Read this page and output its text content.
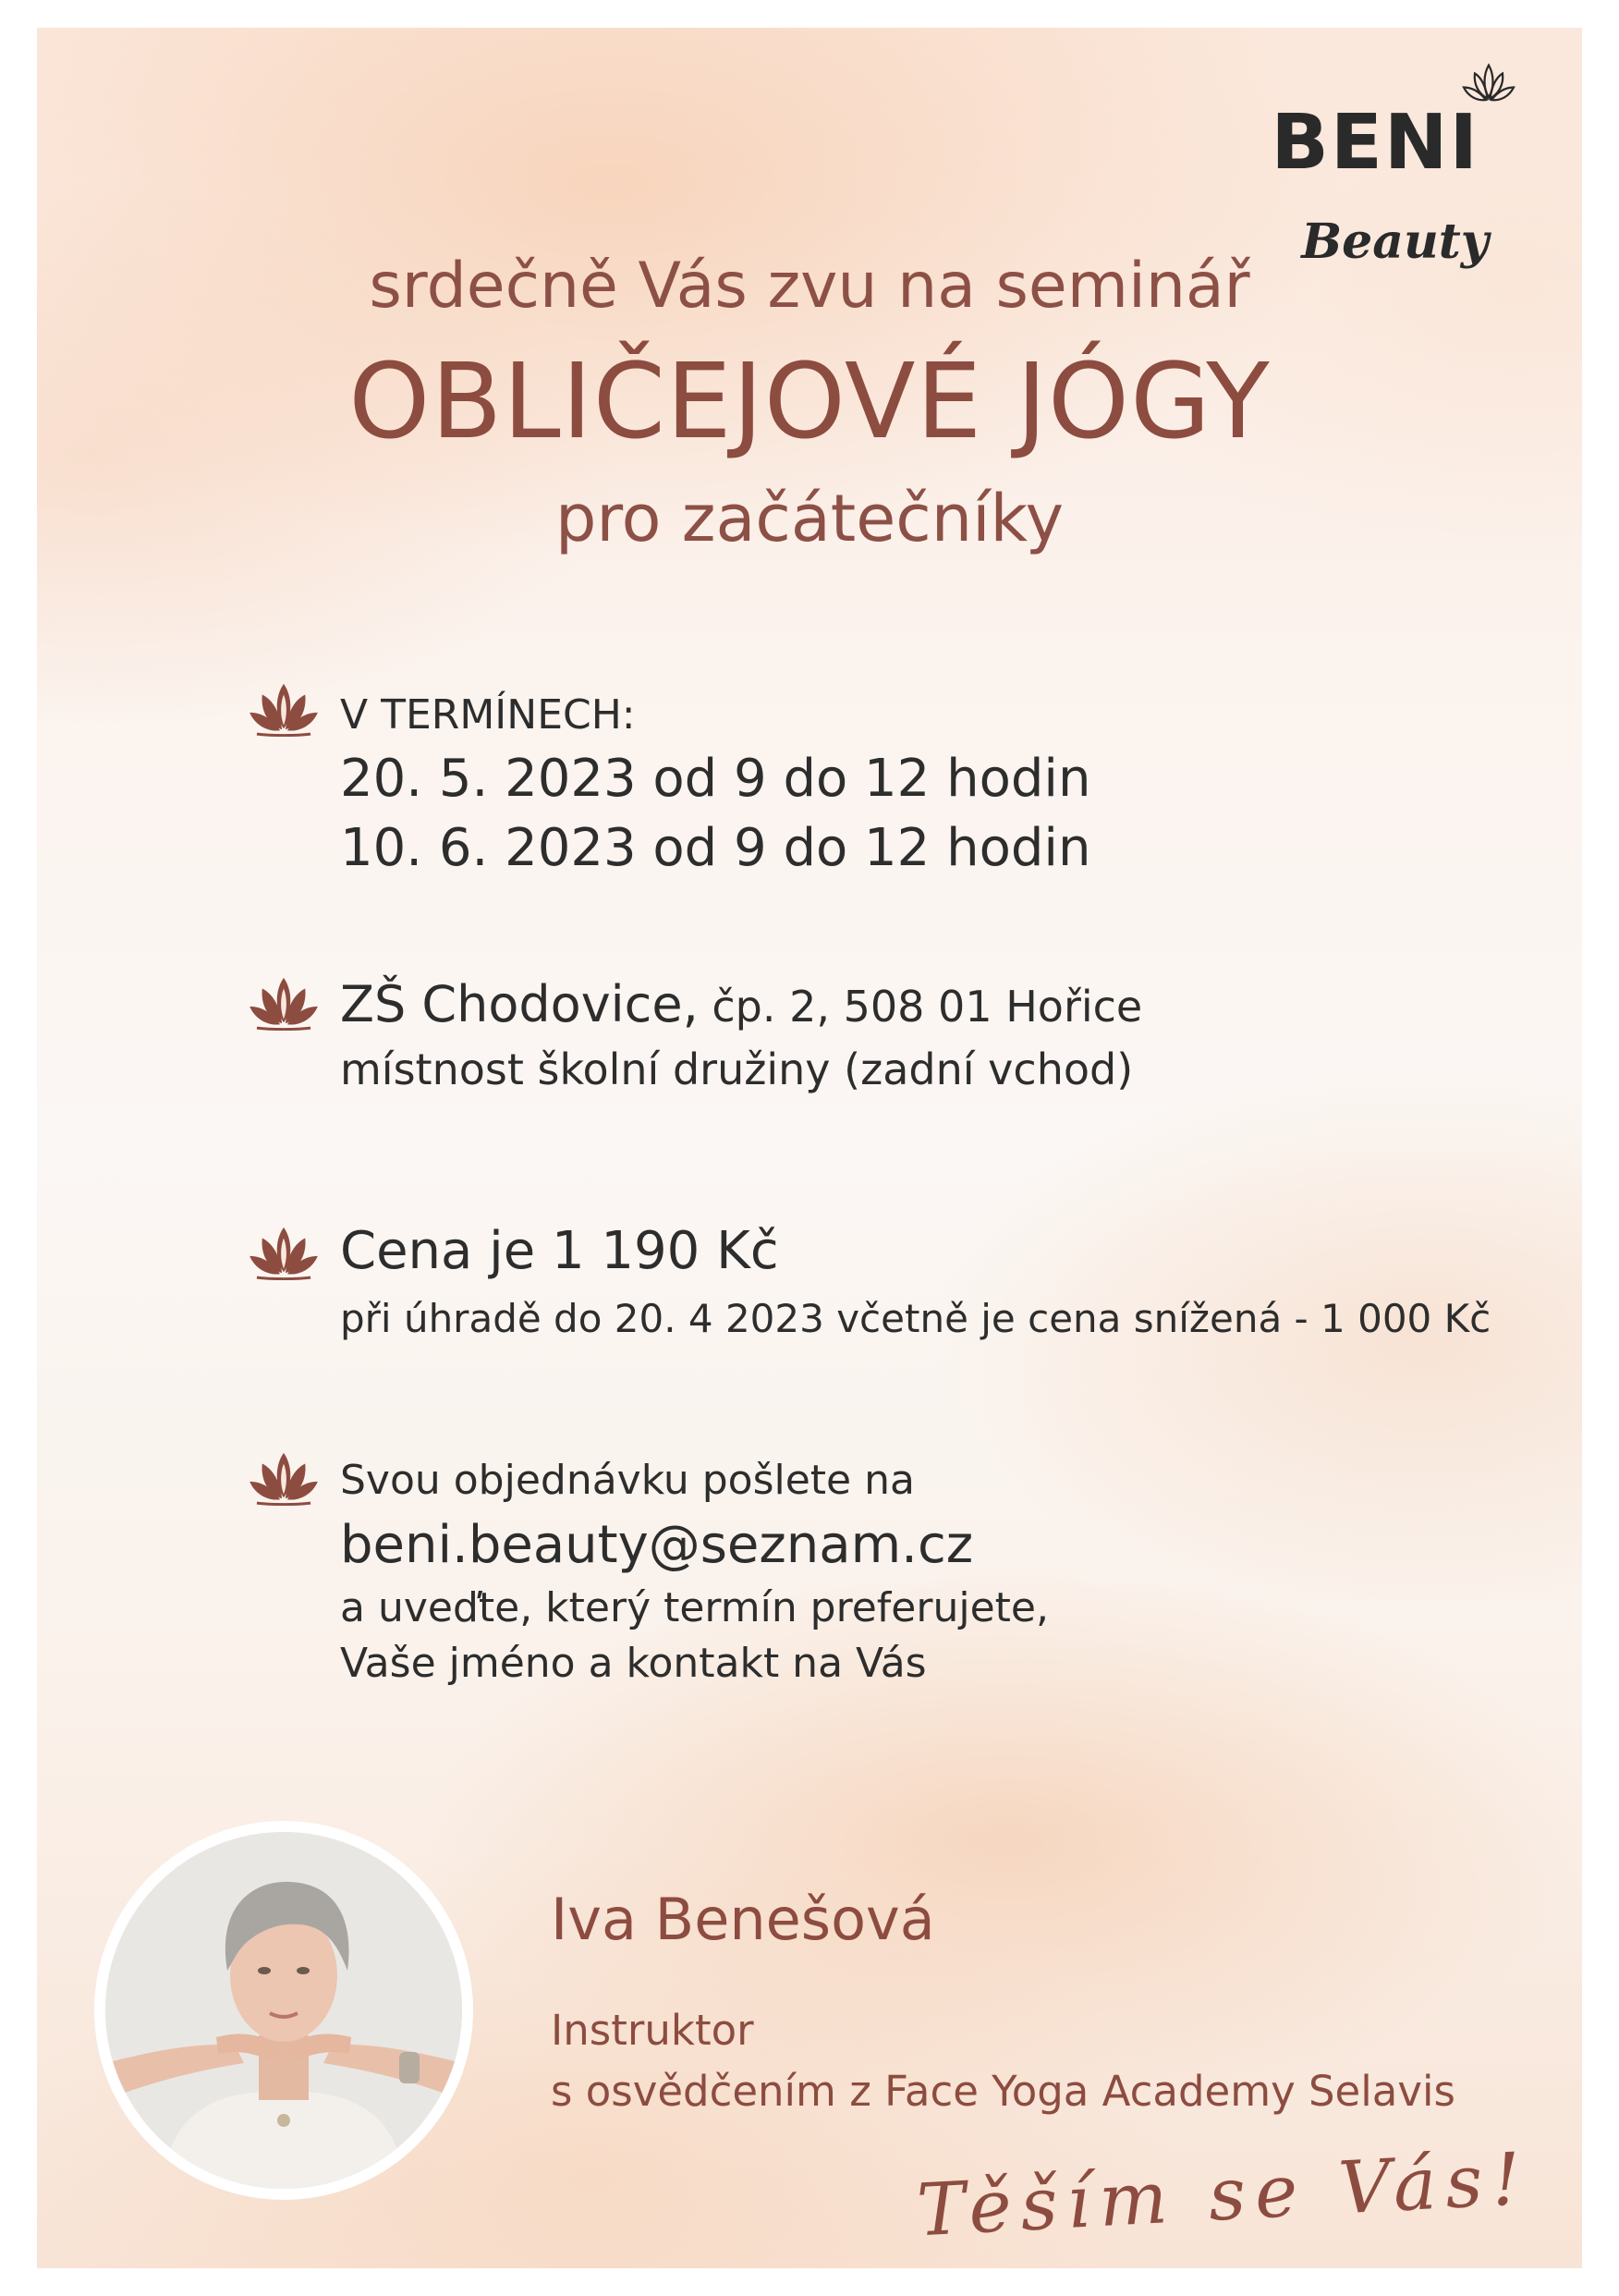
BENI
Beauty
srdečně Vás zvu na seminář
OBLIČEJOVÉ JÓGY
pro začátečníky
V TERMÍNECH:
20. 5. 2023 od 9 do 12 hodin
10. 6. 2023 od 9 do 12 hodin
ZŠ Chodovice, čp. 2, 508 01 Hořice
místnost školní družiny (zadní vchod)
Cena je 1 190 Kč
při úhradě do 20. 4 2023 včetně je cena snížená - 1 000 Kč
Svou objednávku pošlete na
beni.beauty@seznam.cz
a uveďte, který termín preferujete,
Vaše jméno a kontakt na Vás
Iva Benešová
Instruktor
s osvědčením z Face Yoga Academy Selavis
Těším se Vás!
